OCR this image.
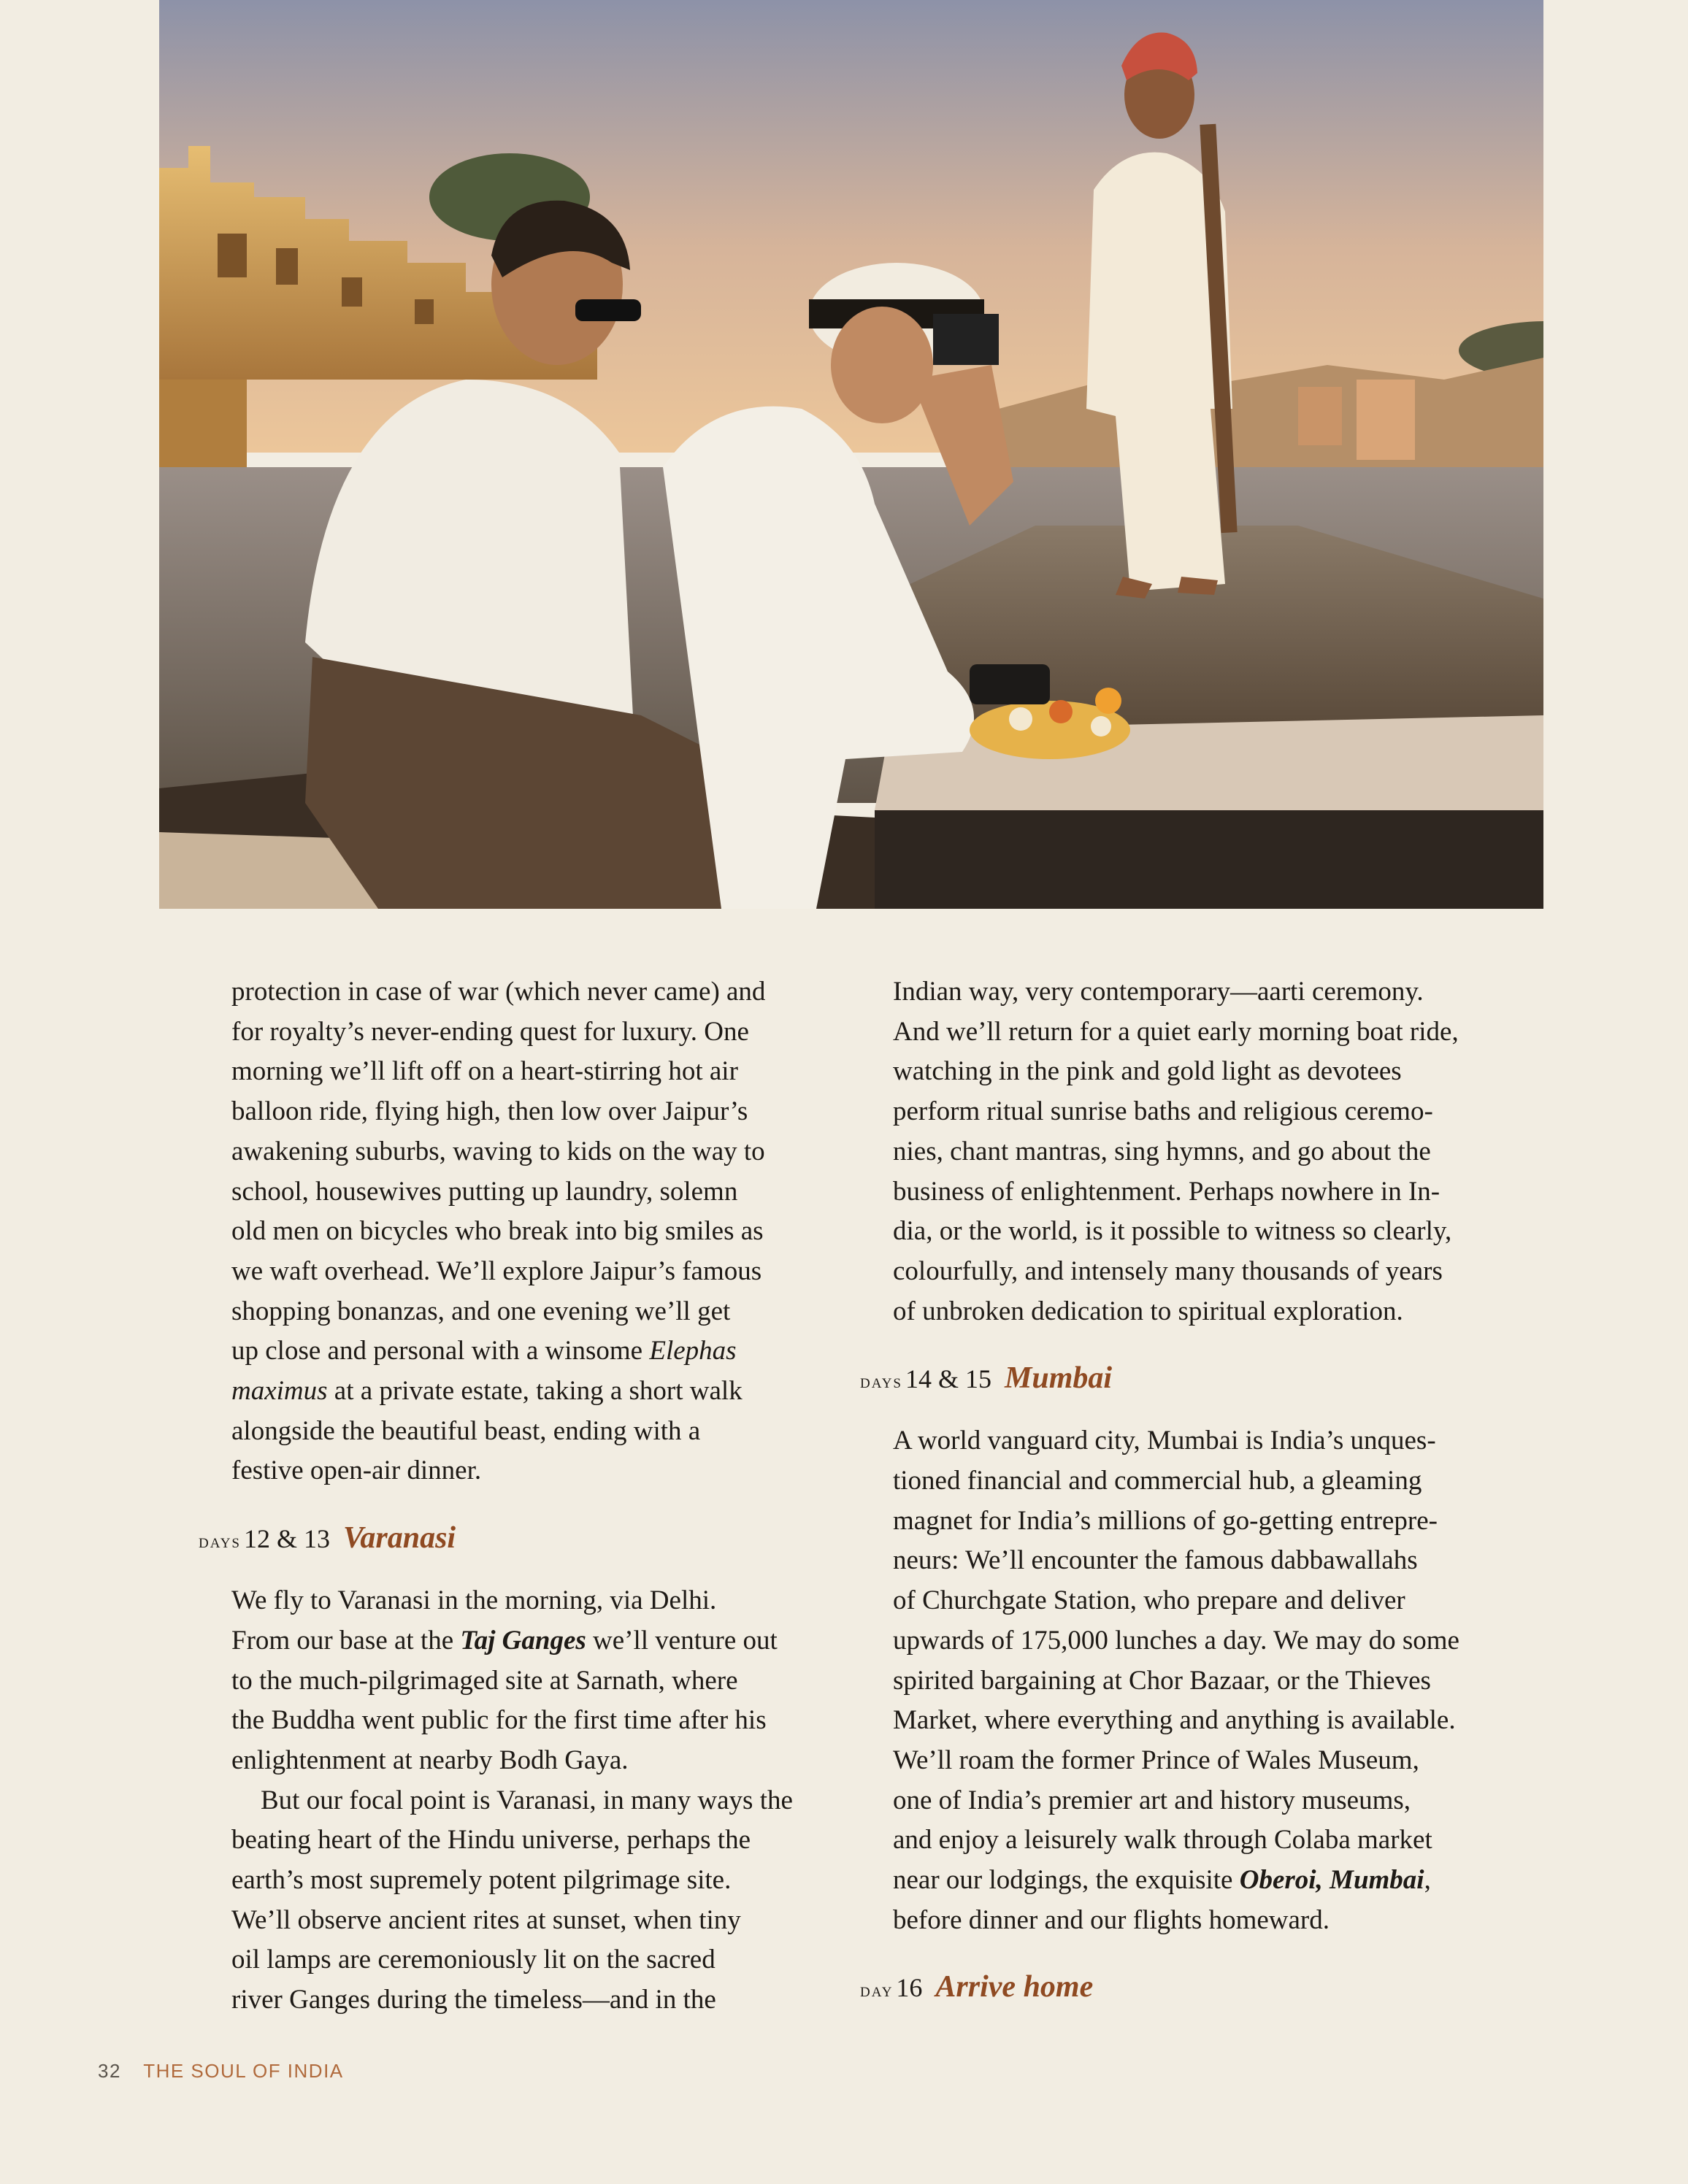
protection in case of war (which never came) and
for royalty’s never-ending quest for luxury. One
morning we’ll lift off on a heart-stirring hot air
balloon ride, flying high, then low over Jaipur’s
awakening suburbs, waving to kids on the way to
school, housewives putting up laundry, solemn
old men on bicycles who break into big smiles as
we waft overhead. We’ll explore Jaipur’s famous
shopping bonanzas, and one evening we’ll get
up close and personal with a winsome Elephas
maximus at a private estate, taking a short walk
alongside the beautiful beast, ending with a
festive open-air dinner.

days 12 & 13 Varanasi

We fly to Varanasi in the morning, via Delhi.
From our base at the Taj Ganges we’ll venture out
to the much-pilgrimaged site at Sarnath, where
the Buddha went public for the first time after his
enlightenment at nearby Bodh Gaya.

But our focal point is Varanasi, in many ways the
beating heart of the Hindu universe, perhaps the
earth’s most supremely potent pilgrimage site.
We’ll observe ancient rites at sunset, when tiny
oil lamps are ceremoniously lit on the sacred
river Ganges during the timeless—and in the

Indian way, very contemporary—aarti ceremony.
And we’ll return for a quiet early morning boat ride,
watching in the pink and gold light as devotees
perform ritual sunrise baths and religious ceremo-
nies, chant mantras, sing hymns, and go about the
business of enlightenment. Perhaps nowhere in In-
dia, or the world, is it possible to witness so clearly,
colourfully, and intensely many thousands of years
of unbroken dedication to spiritual exploration.

days 14 & 15 Mumbai

A world vanguard city, Mumbai is India’s unques-
tioned financial and commercial hub, a gleaming
magnet for India’s millions of go-getting entrepre-
neurs: We’ll encounter the famous dabbawallahs
of Churchgate Station, who prepare and deliver
upwards of 175,000 lunches a day. We may do some
spirited bargaining at Chor Bazaar, or the Thieves
Market, where everything and anything is available.
We’ll roam the former Prince of Wales Museum,
one of India’s premier art and history museums,
and enjoy a leisurely walk through Colaba market
near our lodgings, the exquisite Oberoi, Mumbai,
before dinner and our flights homeward.

day 16 Arrive home
32 THE SOUL OF INDIA
